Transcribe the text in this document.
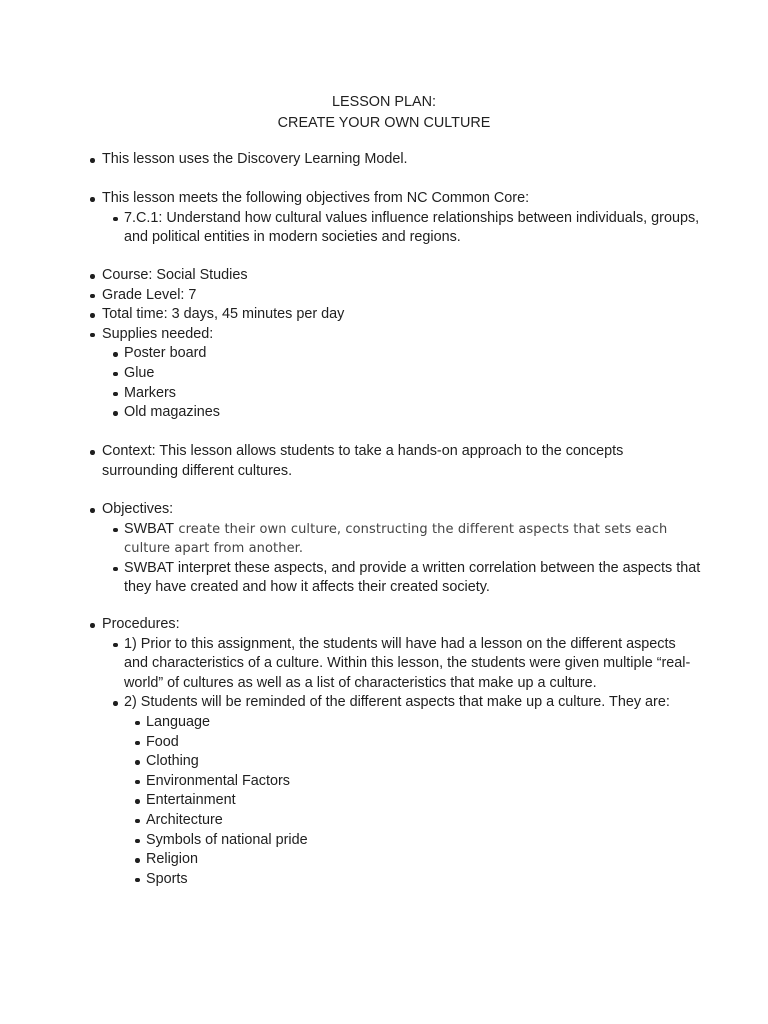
LESSON PLAN:
CREATE YOUR OWN CULTURE
This lesson uses the Discovery Learning Model.
This lesson meets the following objectives from NC Common Core:
7.C.1: Understand how cultural values influence relationships between individuals, groups, and political entities in modern societies and regions.
Course: Social Studies
Grade Level: 7
Total time: 3 days, 45 minutes per day
Supplies needed:
Poster board
Glue
Markers
Old magazines
Context: This lesson allows students to take a hands-on approach to the concepts surrounding different cultures.
Objectives:
SWBAT create their own culture, constructing the different aspects that sets each culture apart from another.
SWBAT interpret these aspects, and provide a written correlation between the aspects that they have created and how it affects their created society.
Procedures:
1) Prior to this assignment, the students will have had a lesson on the different aspects and characteristics of a culture. Within this lesson, the students were given multiple “real-world” of cultures as well as a list of characteristics that make up a culture.
2) Students will be reminded of the different aspects that make up a culture. They are:
Language
Food
Clothing
Environmental Factors
Entertainment
Architecture
Symbols of national pride
Religion
Sports
